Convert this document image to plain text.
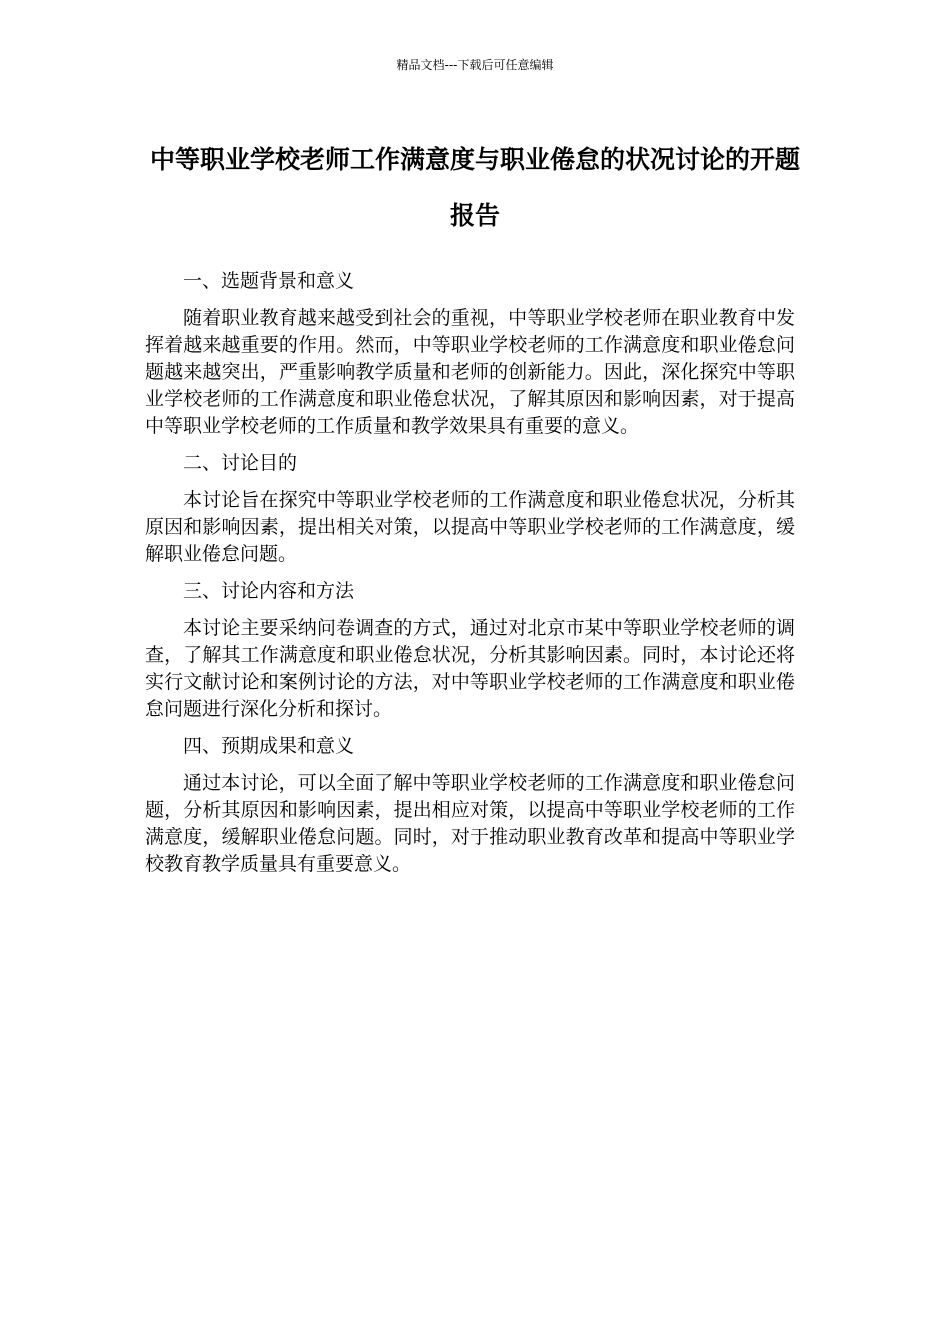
精品文档---下载后可任意编辑
中等职业学校老师工作满意度与职业倦怠的状况讨论的开题报告

一、选题背景和意义

随着职业教育越来越受到社会的重视，中等职业学校老师在职业教育中发挥着越来越重要的作用。然而，中等职业学校老师的工作满意度和职业倦怠问题越来越突出，严重影响教学质量和老师的创新能力。因此，深化探究中等职业学校老师的工作满意度和职业倦怠状况，了解其原因和影响因素，对于提高中等职业学校老师的工作质量和教学效果具有重要的意义。

二、讨论目的

本讨论旨在探究中等职业学校老师的工作满意度和职业倦怠状况，分析其原因和影响因素，提出相关对策，以提高中等职业学校老师的工作满意度，缓解职业倦怠问题。

三、讨论内容和方法

本讨论主要采纳问卷调查的方式，通过对北京市某中等职业学校老师的调查，了解其工作满意度和职业倦怠状况，分析其影响因素。同时，本讨论还将实行文献讨论和案例讨论的方法，对中等职业学校老师的工作满意度和职业倦怠问题进行深化分析和探讨。

四、预期成果和意义

通过本讨论，可以全面了解中等职业学校老师的工作满意度和职业倦怠问题，分析其原因和影响因素，提出相应对策，以提高中等职业学校老师的工作满意度，缓解职业倦怠问题。同时，对于推动职业教育改革和提高中等职业学校教育教学质量具有重要意义。
